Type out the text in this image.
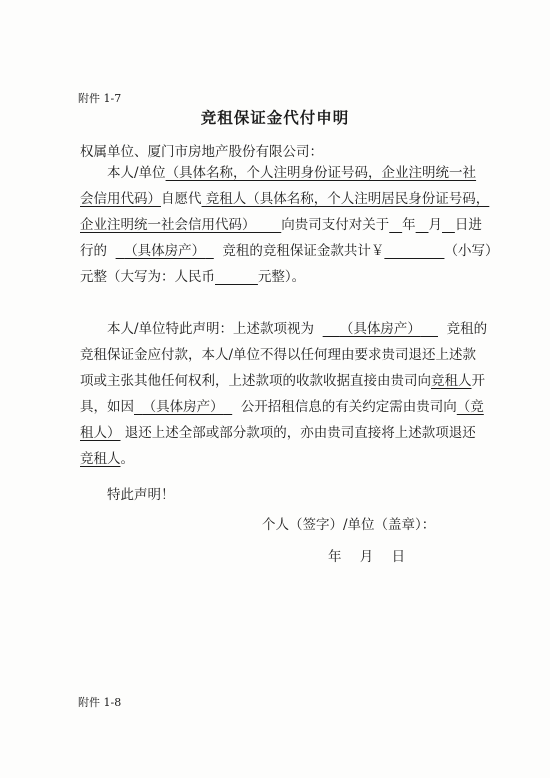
附件 1-7
竞租保证金代付申明
权属单位、厦门市房地产股份有限公司：
本人/单位（具体名称，个人注明身份证号码，企业注明统一社
会信用代码）自愿代 竞租人（具体名称，个人注明居民身份证号码，
企业注明统一社会信用代码） 向贵司支付对关于 年 月 日进
行的 （具体房产） 竞租的竞租保证金款共计￥	（小写）
元整（大写为：人民币	元整）。
本人/单位特此声明：上述款项视为 （具体房产） 竞租的
竞租保证金应付款，本人/单位不得以任何理由要求贵司退还上述款
项或主张其他任何权利，上述款项的收款收据直接由贵司向竞租人开
具，如因 （具体房产） 公开招租信息的有关约定需由贵司向（竞
租人） 退还上述全部或部分款项的，亦由贵司直接将上述款项退还
竞租人。
特此声明！
个人（签字）/单位（盖章）：
年 月 日
附件 1-8
